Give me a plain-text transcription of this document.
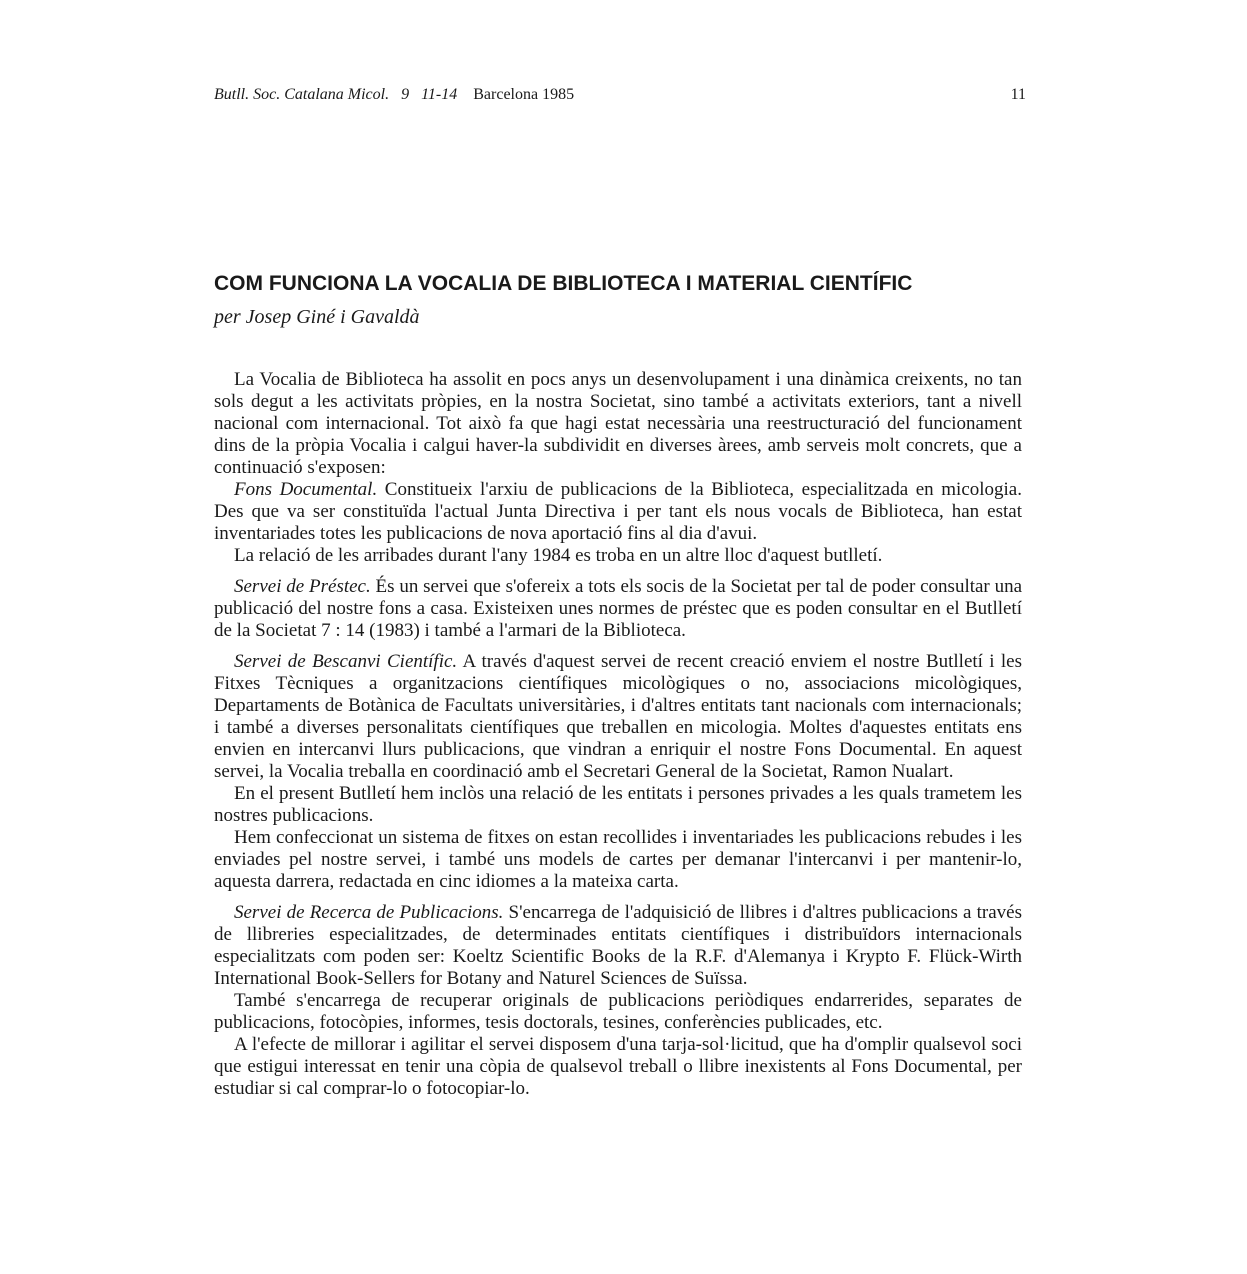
Butll. Soc. Catalana Micol. 9 11-14 Barcelona 1985	11
COM FUNCIONA LA VOCALIA DE BIBLIOTECA I MATERIAL CIENTÍFIC
per Josep Giné i Gavaldà

La Vocalia de Biblioteca ha assolit en pocs anys un desenvolupament i una dinàmica creixents, no tan sols degut a les activitats pròpies, en la nostra Societat, sino també a activitats exteriors, tant a nivell nacional com internacional. Tot això fa que hagi estat necessària una reestructuració del funcionament dins de la pròpia Vocalia i calgui haver-la subdividit en diverses àrees, amb serveis molt concrets, que a continuació s'exposen:

Fons Documental. Constitueix l'arxiu de publicacions de la Biblioteca, especialitzada en micologia. Des que va ser constituïda l'actual Junta Directiva i per tant els nous vocals de Biblioteca, han estat inventariades totes les publicacions de nova aportació fins al dia d'avui.

La relació de les arribades durant l'any 1984 es troba en un altre lloc d'aquest butlletí.

Servei de Préstec. És un servei que s'ofereix a tots els socis de la Societat per tal de poder consultar una publicació del nostre fons a casa. Existeixen unes normes de préstec que es poden consultar en el Butlletí de la Societat 7 : 14 (1983) i també a l'armari de la Biblioteca.

Servei de Bescanvi Científic. A través d'aquest servei de recent creació enviem el nostre Butlletí i les Fitxes Tècniques a organitzacions científiques micològiques o no, associacions micològiques, Departaments de Botànica de Facultats universitàries, i d'altres entitats tant nacionals com internacionals; i també a diverses personalitats científiques que treballen en micologia. Moltes d'aquestes entitats ens envien en intercanvi llurs publicacions, que vindran a enriquir el nostre Fons Documental. En aquest servei, la Vocalia treballa en coordinació amb el Secretari General de la Societat, Ramon Nualart.

En el present Butlletí hem inclòs una relació de les entitats i persones privades a les quals trametem les nostres publicacions.

Hem confeccionat un sistema de fitxes on estan recollides i inventariades les publicacions rebudes i les enviades pel nostre servei, i també uns models de cartes per demanar l'intercanvi i per mantenir-lo, aquesta darrera, redactada en cinc idiomes a la mateixa carta.

Servei de Recerca de Publicacions. S'encarrega de l'adquisició de llibres i d'altres publicacions a través de llibreries especialitzades, de determinades entitats científiques i distribuïdors internacionals especialitzats com poden ser: Koeltz Scientific Books de la R.F. d'Alemanya i Krypto F. Flück-Wirth International Book-Sellers for Botany and Naturel Sciences de Suïssa.

També s'encarrega de recuperar originals de publicacions periòdiques endarrerides, separates de publicacions, fotocòpies, informes, tesis doctorals, tesines, conferències publicades, etc.

A l'efecte de millorar i agilitar el servei disposem d'una tarja-sol·licitud, que ha d'omplir qualsevol soci que estigui interessat en tenir una còpia de qualsevol treball o llibre inexistents al Fons Documental, per estudiar si cal comprar-lo o fotocopiar-lo.
